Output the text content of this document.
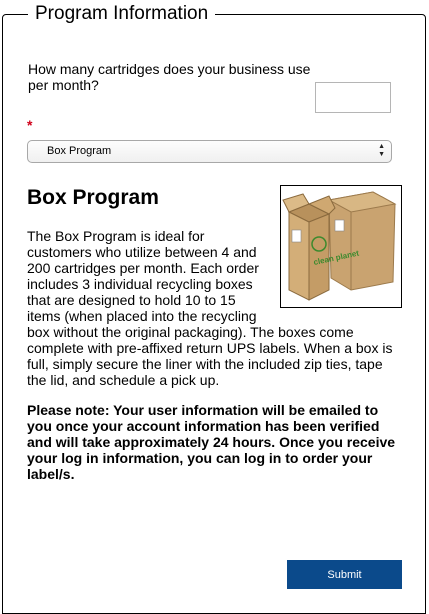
Program Information
How many cartridges does your business use per month?
*
Box Program	▲
▼
Box Program
clean planet
The Box Program is ideal for
customers who utilize between 4 and
200 cartridges per month. Each order
includes 3 individual recycling boxes
that are designed to hold 10 to 15
items (when placed into the recycling
box without the original packaging). The boxes come
complete with pre-affixed return UPS labels. When a box is
full, simply secure the liner with the included zip ties, tape
the lid, and schedule a pick up.
Please note: Your user information will be emailed to you once your account information has been verified and will take approximately 24 hours. Once you receive your log in information, you can log in to order your label/s.
Submit
